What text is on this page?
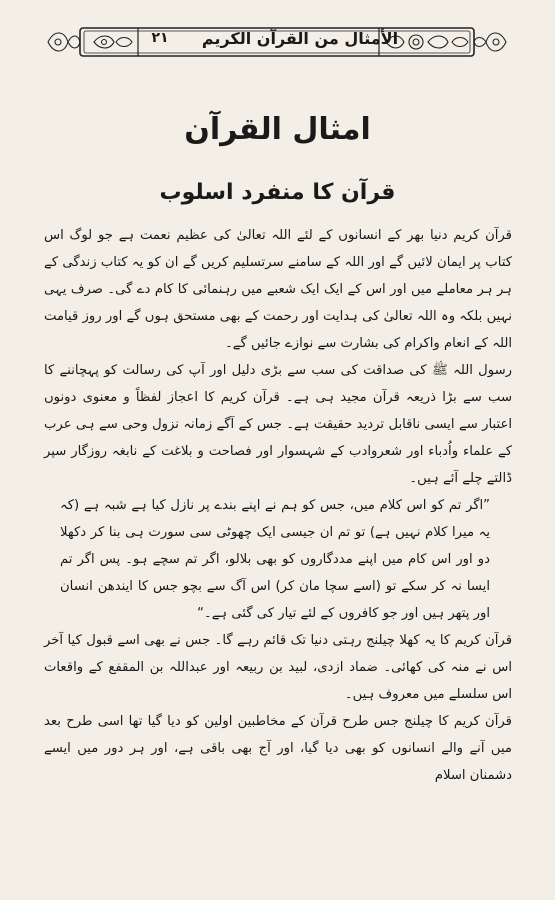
٢١	الأمثال من القرآن الكريم
امثال القرآن
قرآن کا منفرد اسلوب

قرآن کریم دنیا بھر کے انسانوں کے لئے اللہ تعالیٰ کی عظیم نعمت ہے جو لوگ اس کتاب پر ایمان لائیں گے اور اللہ کے سامنے سرتسلیم کریں گے ان کو یہ کتاب زندگی کے ہر ہر معاملے میں اور اس کے ایک ایک شعبے میں رہنمائی کا کام دے گی۔ صرف یہی نہیں بلکہ وہ اللہ تعالیٰ کی ہدایت اور رحمت کے بھی مستحق ہوں گے اور روز قیامت اللہ کے انعام واکرام کی بشارت سے نوازے جائیں گے۔

رسول اللہ ﷺ کی صداقت کی سب سے بڑی دلیل اور آپ کی رسالت کو پہچاننے کا سب سے بڑا ذریعہ قرآن مجید ہی ہے۔ قرآن کریم کا اعجاز لفظاً و معنوی دونوں اعتبار سے ایسی ناقابل تردید حقیقت ہے۔ جس کے آگے زمانہ نزول وحی سے ہی عرب کے علماء واُدباء اور شعروادب کے شہسوار اور فصاحت و بلاغت کے نابغہ روزگار سپر ڈالتے چلے آئے ہیں۔

”اگر تم کو اس کلام میں، جس کو ہم نے اپنے بندے پر نازل کیا ہے شبہ ہے (کہ یہ میرا کلام نہیں ہے) تو تم ان جیسی ایک چھوٹی سی سورت ہی بنا کر دکھلا دو اور اس کام میں اپنے مددگاروں کو بھی بلالو، اگر تم سچے ہو۔ پس اگر تم ایسا نہ کر سکے تو (اسے سچا مان کر) اس آگ سے بچو جس کا ایندھن انسان اور پتھر ہیں اور جو کافروں کے لئے تیار کی گئی ہے۔“

قرآن کریم کا یہ کھلا چیلنج رہتی دنیا تک قائم رہے گا۔ جس نے بھی اسے قبول کیا آخر اس نے منہ کی کھائی۔ ضماد ازدی، لبید بن ربیعہ اور عبداللہ بن المقفع کے واقعات اس سلسلے میں معروف ہیں۔

قرآن کریم کا چیلنج جس طرح قرآن کے مخاطبین اولین کو دیا گیا تھا اسی طرح بعد میں آنے والے انسانوں کو بھی دیا گیا، اور آج بھی باقی ہے، اور ہر دور میں ایسے دشمنان اسلام
